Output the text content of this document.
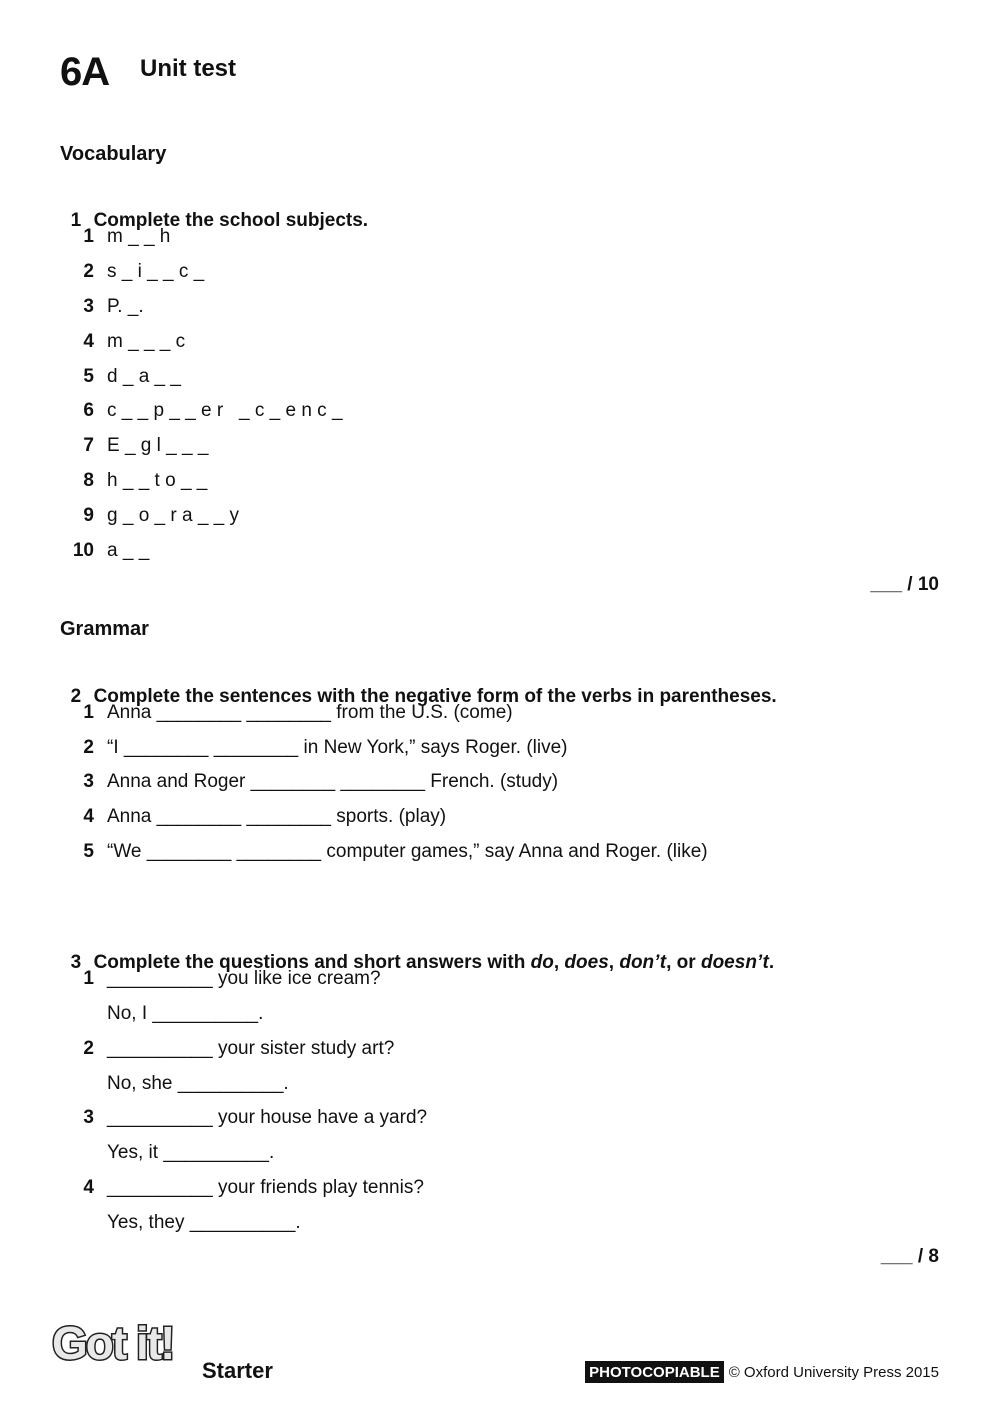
6A Unit test
Vocabulary

1 Complete the school subjects.

1 m _ _ h
2 s _ i _ _ c _
3 P. _.
4 m _ _ _ c
5 d _ a _ _
6 c _ _ p _ _ e r   _ c _ e n c _
7 E _ g l _ _ _
8 h _ _ t o _ _
9 g _ o _ r a _ _ y
10 a _ _
___ / 10
Grammar

2 Complete the sentences with the negative form of the verbs in parentheses.

1 Anna ________ ________ from the U.S. (come)
2 “I ________ ________ in New York,” says Roger. (live)
3 Anna and Roger ________ ________ French. (study)
4 Anna ________ ________ sports. (play)
5 “We ________ ________ computer games,” say Anna and Roger. (like)

3 Complete the questions and short answers with do, does, don’t, or doesn’t.

1 __________ you like ice cream?
No, I __________.
2 __________ your sister study art?
No, she __________.
3 __________ your house have a yard?
Yes, it __________.
4 __________ your friends play tennis?
Yes, they __________.
___ / 8
Got it!
Starter	PHOTOCOPIABLE © Oxford University Press 2015
